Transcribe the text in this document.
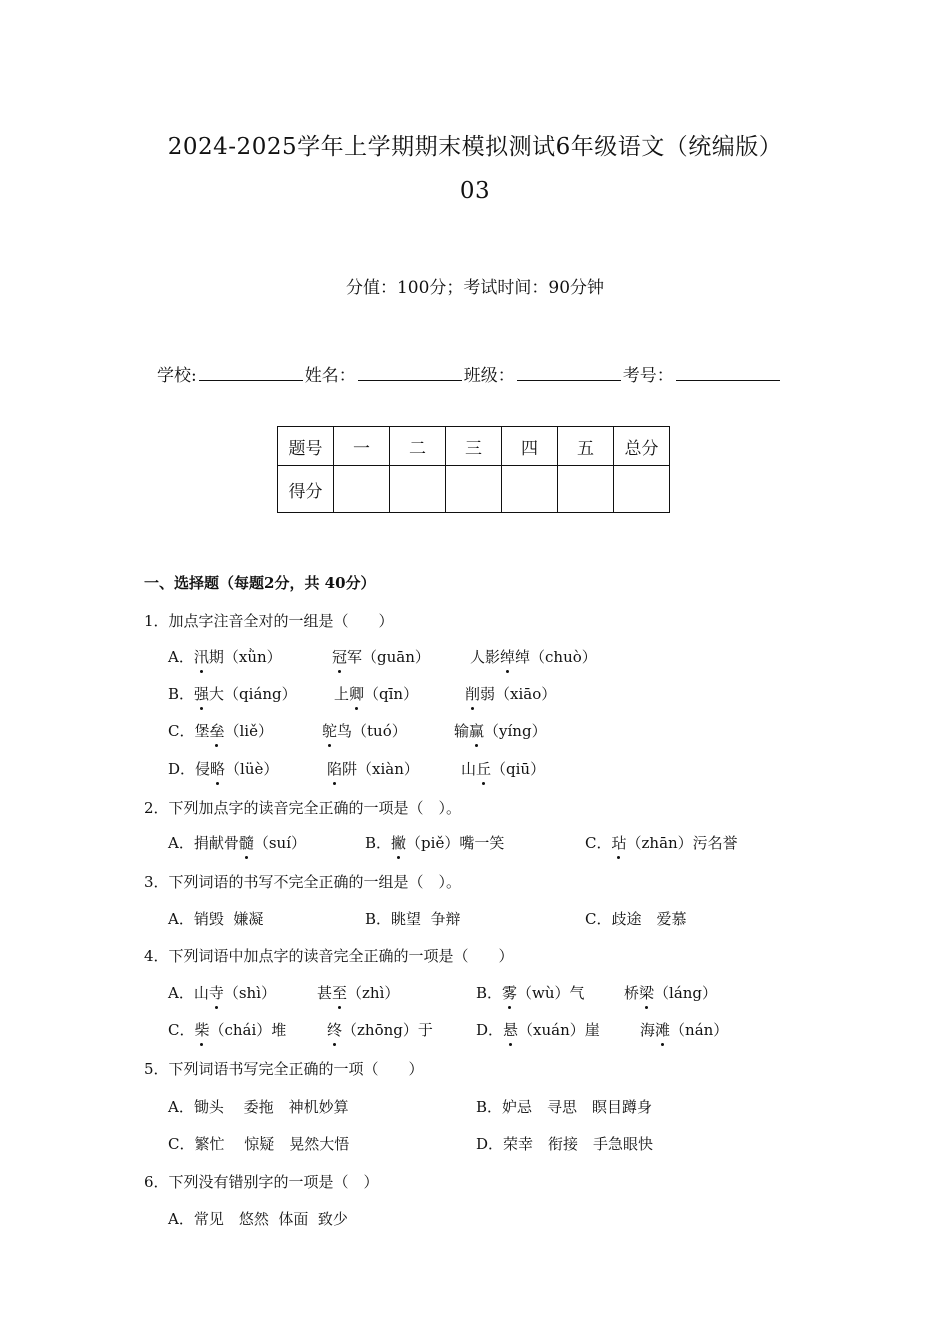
2024-2025学年上学期期末模拟测试6年级语文（统编版）
03
分值：100分；考试时间：90分钟
学校:	姓名：	班级：	考号：
题号	一	二	三	四	五	总分
得分						
一、选择题（每题2分，共 40分）
1．加点字注音全对的一组是（　　）
A．汛期（xǜn）	冠军（guān）	人影绰绰（chuò）
B．强大（qiáng） 上卿（qīn）	削弱（xiāo）
C．堡垒（liě）	鸵鸟（tuó）	输赢（yíng）
D．侵略（lüè）	陷阱（xiàn）	山丘（qiū）
2．下列加点字的读音完全正确的一项是（　）。
A．捐献骨髓（suí）	B．撇（piě）嘴一笑	C．玷（zhān）污名誉
3．下列词语的书写不完全正确的一组是（　）。
A．销毁  嫌凝	B．眺望  争辩	C．歧途　爱慕
4．下列词语中加点字的读音完全正确的一项是（　　）
A．山寺（shì）	甚至（zhì）	B．雾（wù）气	桥梁（láng）
C．柴（chái）堆	终（zhōng）于	D．悬（xuán）崖	海滩（nán）
5．下列词语书写完全正确的一项（　　）
A．锄头　 委拖　神机妙算	B．妒忌　寻思　瞑目蹲身
C．繁忙　 惊疑　晃然大悟	D．荣幸　衔接　手急眼快
6．下列没有错别字的一项是（　）
A．常见　悠然  体面  致少
